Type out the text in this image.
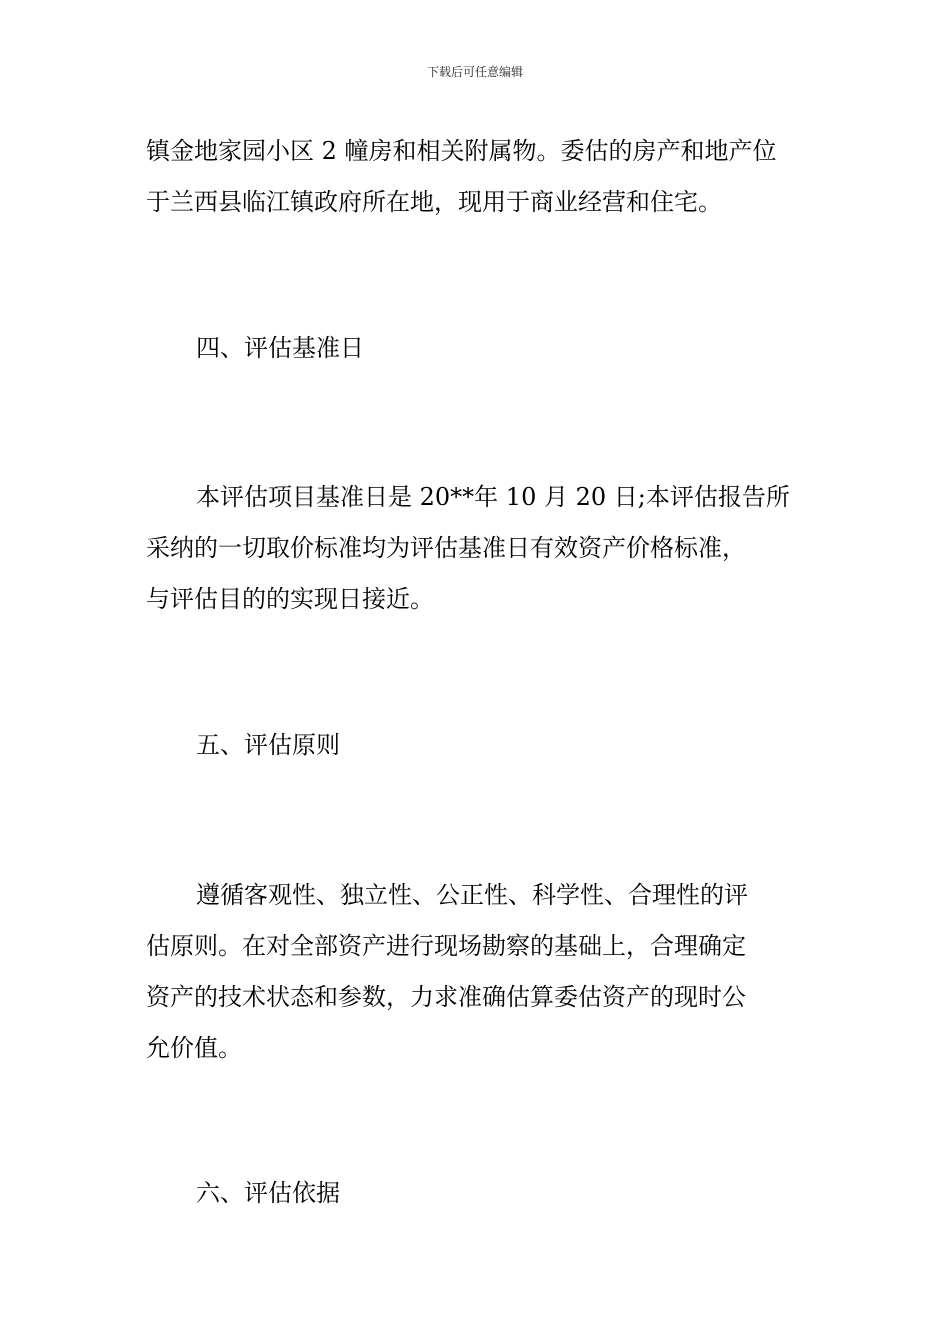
下载后可任意编辑
镇金地家园小区 2 幢房和相关附属物。委估的房产和地产位
于兰西县临江镇政府所在地，现用于商业经营和住宅。
四、评估基准日
本评估项目基准日是 20**年 10 月 20 日;本评估报告所
采纳的一切取价标准均为评估基准日有效资产价格标准，
与评估目的的实现日接近。
五、评估原则
遵循客观性、独立性、公正性、科学性、合理性的评
估原则。在对全部资产进行现场勘察的基础上，合理确定
资产的技术状态和参数，力求准确估算委估资产的现时公
允价值。
六、评估依据
